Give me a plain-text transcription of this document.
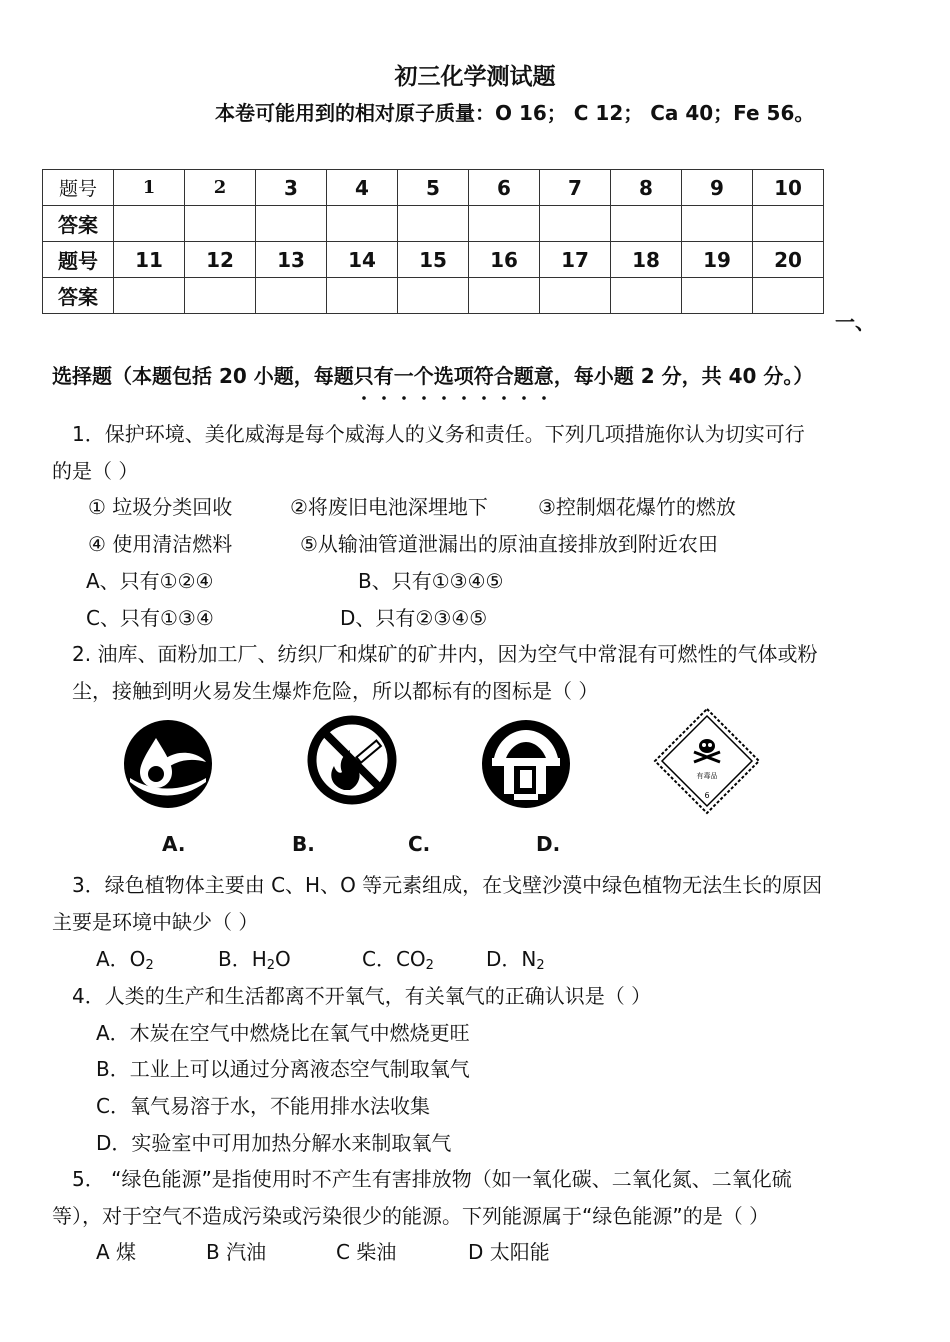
初三化学测试题
本卷可能用到的相对原子质量：O 16； C 12； Ca 40；Fe 56。
题号	1	2	3	4	5	6	7	8	9	10
答案										
题号	11	12	13	14	15	16	17	18	19	20
答案										
一、
选择题（本题包括 20 小题，每题只有一个选项符合题意
，每小题 2 分，共 40 分。）
1．保护环境、美化威海是每个威海人的义务和责任。下列几项措施你认为切实可行
的是（ ）
① 垃圾分类回收	②将废旧电池深埋地下	③控制烟花爆竹的燃放
④ 使用清洁燃料	⑤从输油管道泄漏出的原油直接排放到附近农田
A、只有①②④	B、只有①③④⑤
C、只有①③④	D、只有②③④⑤
2. 油库、面粉加工厂、纺织厂和煤矿的矿井内，因为空气中常混有可燃性的气体或粉
尘，接触到明火易发生爆炸危险，所以都标有的图标是（ ）
有毒品
6
A.	B.	C.	D.
3．绿色植物体主要由 C、H、O 等元素组成，在戈壁沙漠中绿色植物无法生长的原因
主要是环境中缺少（ ）
A．$O_2$	B．$H_2O$	C．$CO_2$	D．$N_2$
4．人类的生产和生活都离不开氧气，有关氧气的正确认识是（ ）
A．木炭在空气中燃烧比在氧气中燃烧更旺
B．工业上可以通过分离液态空气制取氧气
C．氧气易溶于水，不能用排水法收集
D．实验室中可用加热分解水来制取氧气
5． “绿色能源”是指使用时不产生有害排放物（如一氧化碳、二氧化氮、二氧化硫
等），对于空气不造成污染或污染很少的能源。下列能源属于“绿色能源”的是（ ）
A 煤	B 汽油	C 柴油	D 太阳能
